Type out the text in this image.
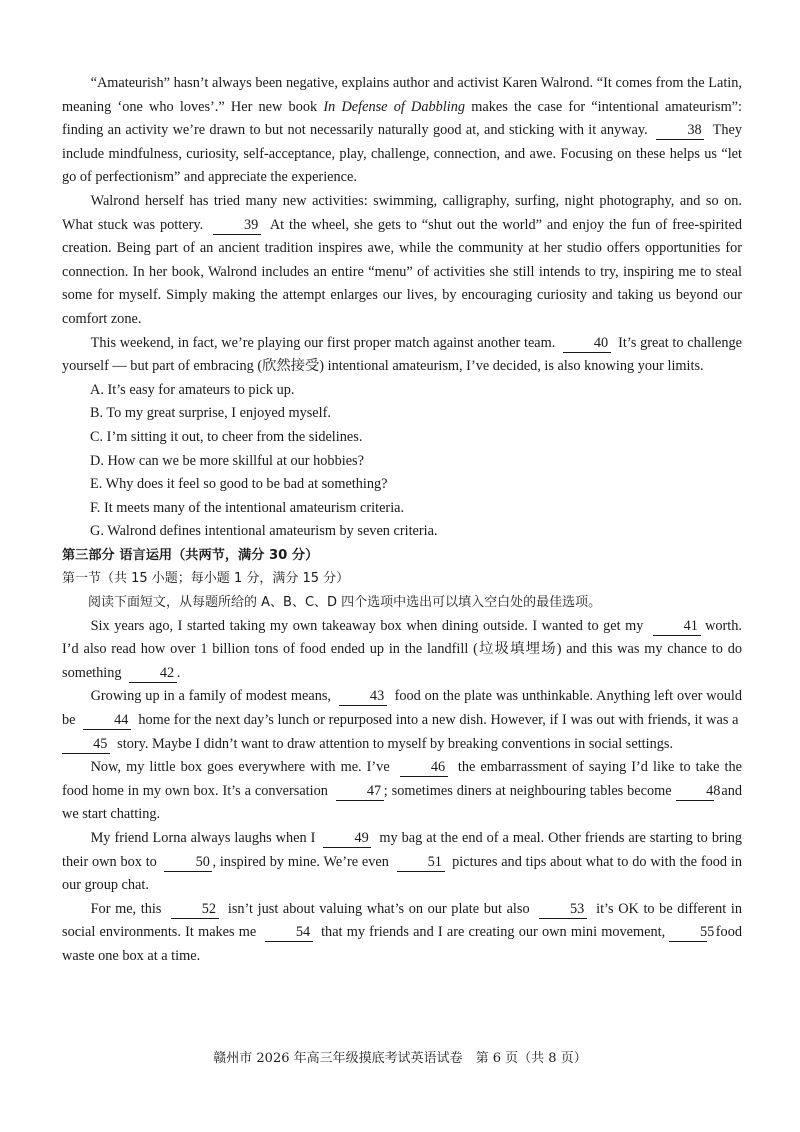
“Amateurish” hasn’t always been negative, explains author and activist Karen Walrond. “It comes from the Latin, meaning ‘one who loves’.” Her new book In Defense of Dabbling makes the case for “intentional amateurism”: finding an activity we’re drawn to but not necessarily naturally good at, and sticking with it anyway.	38 They include mindfulness, curiosity, self-acceptance, play, challenge, connection, and awe. Focusing on these helps us “let go of perfectionism” and appreciate the experience.

Walrond herself has tried many new activities: swimming, calligraphy, surfing, night photography, and so on. What stuck was pottery.	39 At the wheel, she gets to “shut out the world” and enjoy the fun of free-spirited creation. Being part of an ancient tradition inspires awe, while the community at her studio offers opportunities for connection. In her book, Walrond includes an entire “menu” of activities she still intends to try, inspiring me to steal some for myself. Simply making the attempt enlarges our lives, by encouraging curiosity and taking us beyond our comfort zone.

This weekend, in fact, we’re playing our first proper match against another team.	40 It’s great to challenge yourself — but part of embracing (欣然接受) intentional amateurism, I’ve decided, is also knowing your limits.

A. It’s easy for amateurs to pick up.

B. To my great surprise, I enjoyed myself.

C. I’m sitting it out, to cheer from the sidelines.

D. How can we be more skillful at our hobbies?

E. Why does it feel so good to be bad at something?

F. It meets many of the intentional amateurism criteria.

G. Walrond defines intentional amateurism by seven criteria.

第三部分 语言运用（共两节，满分 30 分）

第一节（共 15 小题；每小题 1 分，满分 15 分）

阅读下面短文，从每题所给的 A、B、C、D 四个选项中选出可以填入空白处的最佳选项。

Six years ago, I started taking my own takeaway box when dining outside. I wanted to get my	41 worth. I’d also read how over 1 billion tons of food ended up in the landfill (垃圾填埋场) and this was my chance to do something	42 .

Growing up in a family of modest means,	43 food on the plate was unthinkable. Anything left over would be	44 home for the next day’s lunch or repurposed into a new dish. However, if I was out with friends, it was a  45 story. Maybe I didn’t want to draw attention to myself by breaking conventions in social settings.

Now, my little box goes everywhere with me. I’ve	46 the embarrassment of saying I’d like to take the food home in my own box. It’s a conversation	47 ; sometimes diners at neighbouring tables become 48  and we start chatting.

My friend Lorna always laughs when I	49 my bag at the end of a meal. Other friends are starting to bring their own box to	50 , inspired by mine. We’re even	51 pictures and tips about what to do with the food in our group chat.

For me, this	52 isn’t just about valuing what’s on our plate but also	53 it’s OK to be different in social environments. It makes me	54 that my friends and I are creating our own mini movement, 55 food waste one box at a time.

赣州市 2026 年高三年级摸底考试英语试卷　第 6 页（共 8 页）
